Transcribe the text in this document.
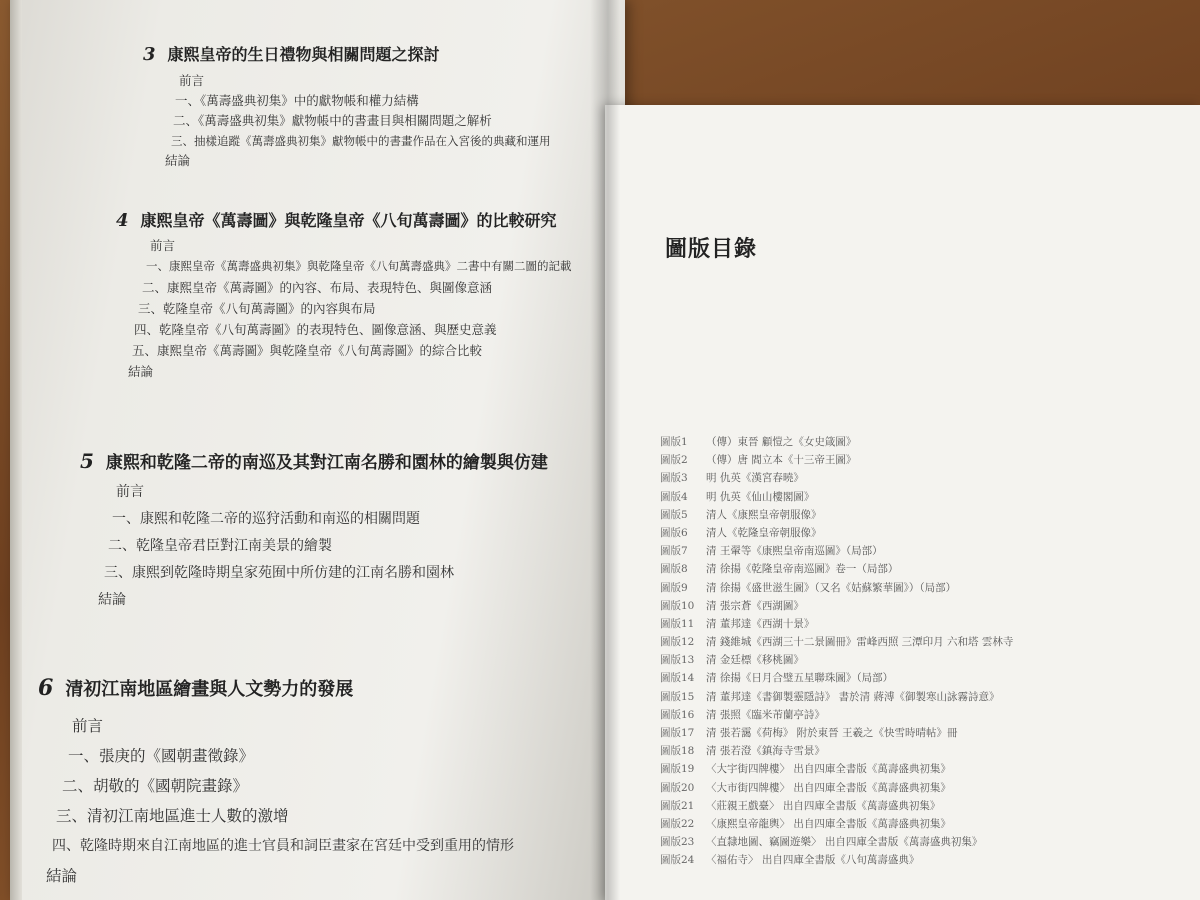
3 康熙皇帝的生日禮物與相關問題之探討
前言
一、《萬壽盛典初集》中的獻物帳和權力結構
二、《萬壽盛典初集》獻物帳中的書畫目與相關問題之解析
三、抽樣追蹤《萬壽盛典初集》獻物帳中的書畫作品在入宮後的典藏和運用
結論
4 康熙皇帝《萬壽圖》與乾隆皇帝《八旬萬壽圖》的比較研究
前言
一、康熙皇帝《萬壽盛典初集》與乾隆皇帝《八旬萬壽盛典》二書中有關二圖的記載
二、康熙皇帝《萬壽圖》的內容、布局、表現特色、與圖像意涵
三、乾隆皇帝《八旬萬壽圖》的內容與布局
四、乾隆皇帝《八旬萬壽圖》的表現特色、圖像意涵、與歷史意義
五、康熙皇帝《萬壽圖》與乾隆皇帝《八旬萬壽圖》的綜合比較
結論
5 康熙和乾隆二帝的南巡及其對江南名勝和園林的繪製與仿建
前言
一、康熙和乾隆二帝的巡狩活動和南巡的相關問題
二、乾隆皇帝君臣對江南美景的繪製
三、康熙到乾隆時期皇家苑囿中所仿建的江南名勝和園林
結論
6 清初江南地區繪畫與人文勢力的發展
前言
一、張庚的《國朝畫徵錄》
二、胡敬的《國朝院畫錄》
三、清初江南地區進士人數的激增
四、乾隆時期來自江南地區的進士官員和詞臣畫家在宮廷中受到重用的情形
結論
圖版目錄
圖版1 （傳）東晉 顧愷之《女史箴圖》
圖版2 （傳）唐 閻立本《十三帝王圖》
圖版3 明 仇英《漢宮春曉》
圖版4 明 仇英《仙山樓閣圖》
圖版5 清人《康熙皇帝朝服像》
圖版6 清人《乾隆皇帝朝服像》
圖版7 清 王翬等《康熙皇帝南巡圖》（局部）
圖版8 清 徐揚《乾隆皇帝南巡圖》卷一（局部）
圖版9 清 徐揚《盛世滋生圖》（又名《姑蘇繁華圖》）（局部）
圖版10 清 張宗蒼《西湖圖》
圖版11 清 董邦達《西湖十景》
圖版12 清 錢維城《西湖三十二景圖冊》雷峰西照 三潭印月 六和塔 雲林寺
圖版13 清 金廷標《移桃圖》
圖版14 清 徐揚《日月合璧五星聯珠圖》（局部）
圖版15 清 董邦達《書御製靈隱詩》 書於清 蔣溥《御製寒山詠霧詩意》
圖版16 清 張照《臨米芾蘭亭詩》
圖版17 清 張若靄《荷梅》 附於東晉 王羲之《快雪時晴帖》冊
圖版18 清 張若澄《鎮海寺雪景》
圖版19 〈大宇街四牌樓〉 出自四庫全書版《萬壽盛典初集》
圖版20 〈大市街四牌樓〉 出自四庫全書版《萬壽盛典初集》
圖版21 〈莊親王戲臺〉 出自四庫全書版《萬壽盛典初集》
圖版22 〈康熙皇帝龍輿〉 出自四庫全書版《萬壽盛典初集》
圖版23 〈直隸地圖、竊圖遊樂〉 出自四庫全書版《萬壽盛典初集》
圖版24 〈福佑寺〉 出自四庫全書版《八旬萬壽盛典》
